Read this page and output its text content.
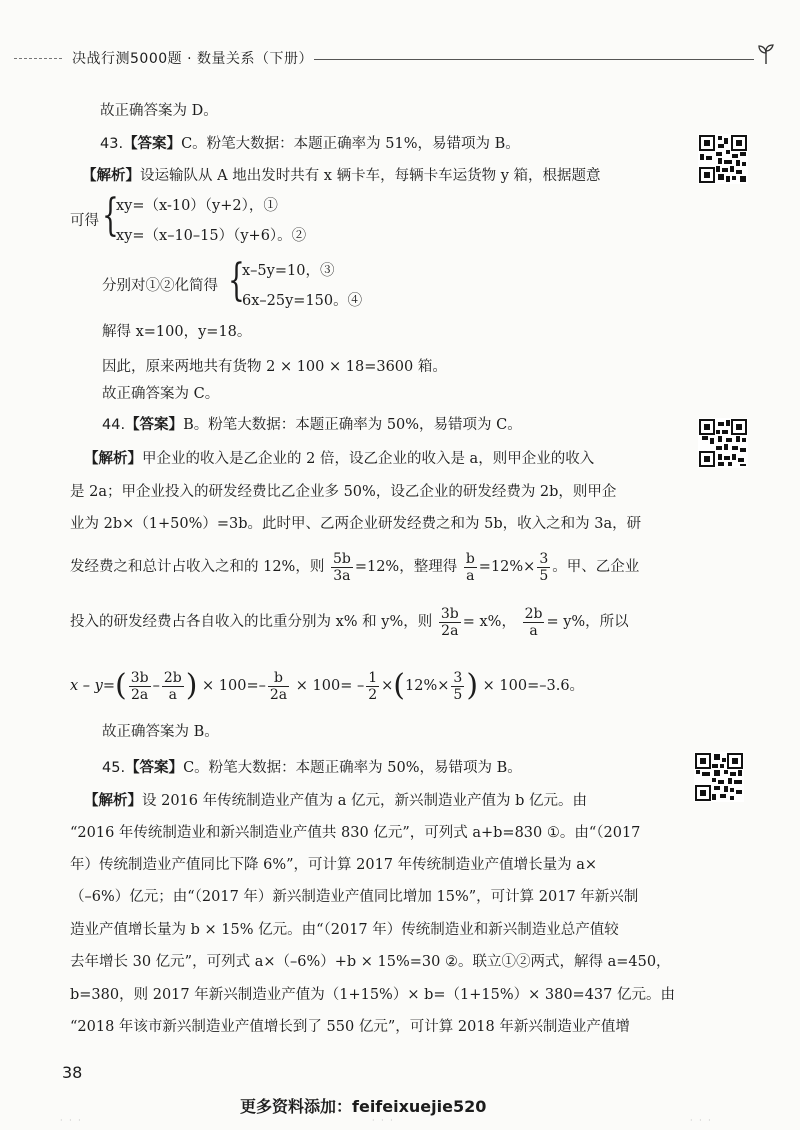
决战行测5000题 · 数量关系（下册）
故正确答案为 D。
43.【答案】C。粉笔大数据：本题正确率为 51%，易错项为 B。
【解析】设运输队从 A 地出发时共有 x 辆卡车，每辆卡车运货物 y 箱，根据题意
可得 {
xy=（x-10）（y+2），①
xy=（x–10–15）（y+6）。②
分别对①②化简得 {
x–5y=10，③
6x–25y=150。④
解得 x=100，y=18。
因此，原来两地共有货物 2 × 100 × 18=3600 箱。
故正确答案为 C。
44.【答案】B。粉笔大数据：本题正确率为 50%，易错项为 C。
【解析】甲企业的收入是乙企业的 2 倍，设乙企业的收入是 a，则甲企业的收入
是 2a；甲企业投入的研发经费比乙企业多 50%，设乙企业的研发经费为 2b，则甲企
业为 2b×（1+50%）=3b。此时甲、乙两企业研发经费之和为 5b，收入之和为 3a，研
发经费之和总计占收入之和的 12%，则 $\frac{5b}{3a} =12\%$，整理得 $\frac{b}{a} =12\%\times \frac{3}{5}$ 。甲、乙企业
投入的研发经费占各自收入的比重分别为 x% 和 y%，则 $\frac{3b}{2a} = x\%$， $\frac{2b}{a} = y\%$，所以
$x - y=( \frac{3b}{2a} - \frac{2b}{a}$ ) × $100=- \frac{b}{2a} \times 100= - \frac{1}{2} \times(12\%\times \frac{3}{5}$ ) × 100=–3.6。
故正确答案为 B。
45.【答案】C。粉笔大数据：本题正确率为 50%，易错项为 B。
【解析】设 2016 年传统制造业产值为 a 亿元，新兴制造业产值为 b 亿元。由
“2016 年传统制造业和新兴制造业产值共 830 亿元”，可列式 a+b=830 ①。由“（2017
年）传统制造业产值同比下降 6%”，可计算 2017 年传统制造业产值增长量为 a×
（–6%）亿元；由“（2017 年）新兴制造业产值同比增加 15%”，可计算 2017 年新兴制
造业产值增长量为 b × 15% 亿元。由“（2017 年）传统制造业和新兴制造业总产值较
去年增长 30 亿元”，可列式 a×（–6%）+b × 15%=30 ②。联立①②两式，解得 a=450，
b=380，则 2017 年新兴制造业产值为（1+15%）× b=（1+15%）× 380=437 亿元。由
“2018 年该市新兴制造业产值增长到了 550 亿元”，可计算 2018 年新兴制造业产值增
38
更多资料添加：feifeixuejie520
· · ·	· · ·	· · ·
